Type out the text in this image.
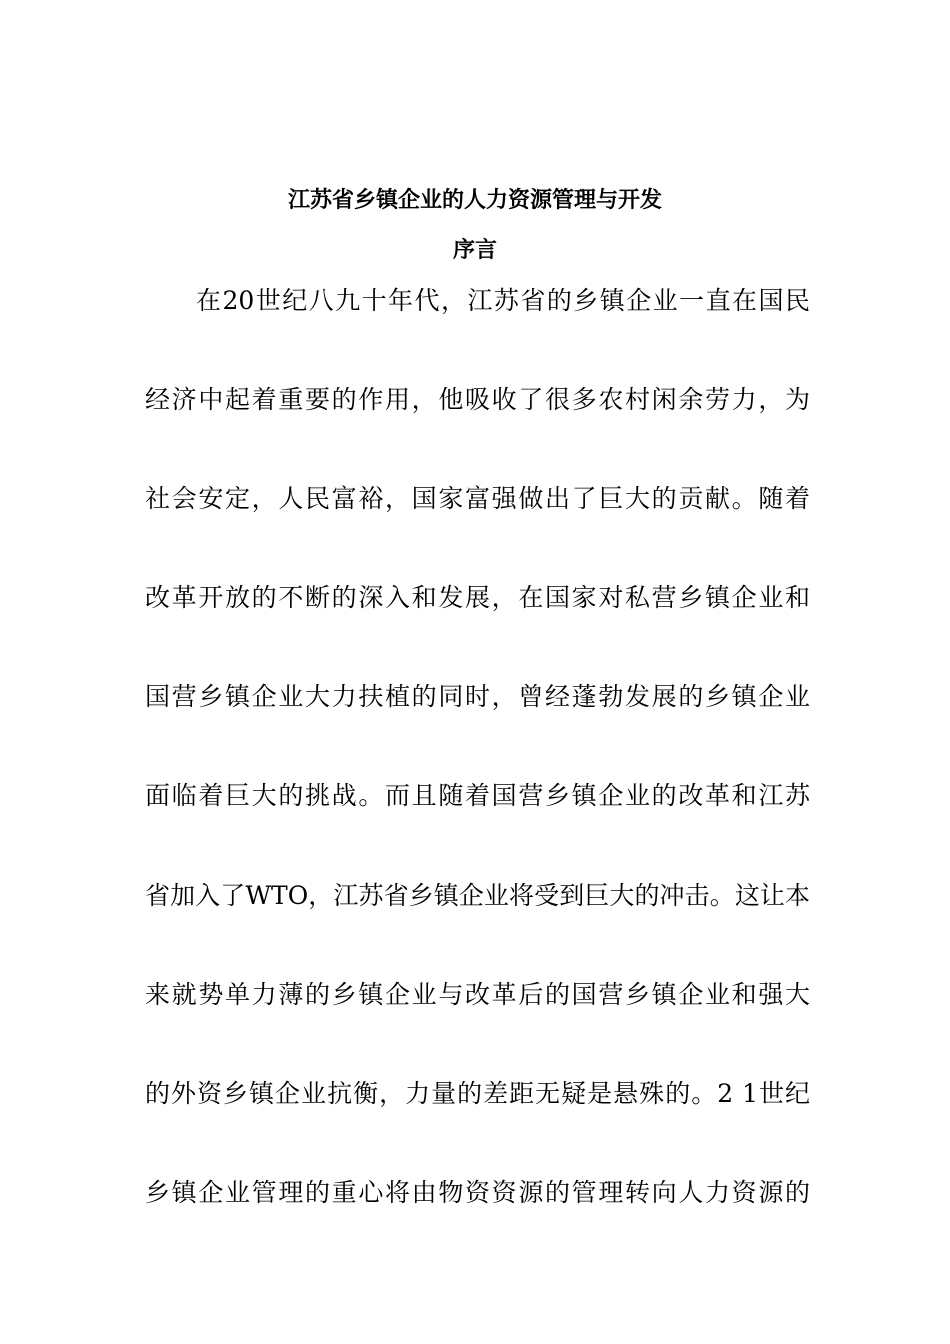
江苏省乡镇企业的人力资源管理与开发
序言
在20世纪八九十年代，江苏省的乡镇企业一直在国民
经济中起着重要的作用，他吸收了很多农村闲余劳力，为
社会安定，人民富裕，国家富强做出了巨大的贡献。随着
改革开放的不断的深入和发展，在国家对私营乡镇企业和
国营乡镇企业大力扶植的同时，曾经蓬勃发展的乡镇企业
面临着巨大的挑战。而且随着国营乡镇企业的改革和江苏
省加入了WTO，江苏省乡镇企业将受到巨大的冲击。这让本
来就势单力薄的乡镇企业与改革后的国营乡镇企业和强大
的外资乡镇企业抗衡，力量的差距无疑是悬殊的。2 1世纪
乡镇企业管理的重心将由物资资源的管理转向人力资源的
